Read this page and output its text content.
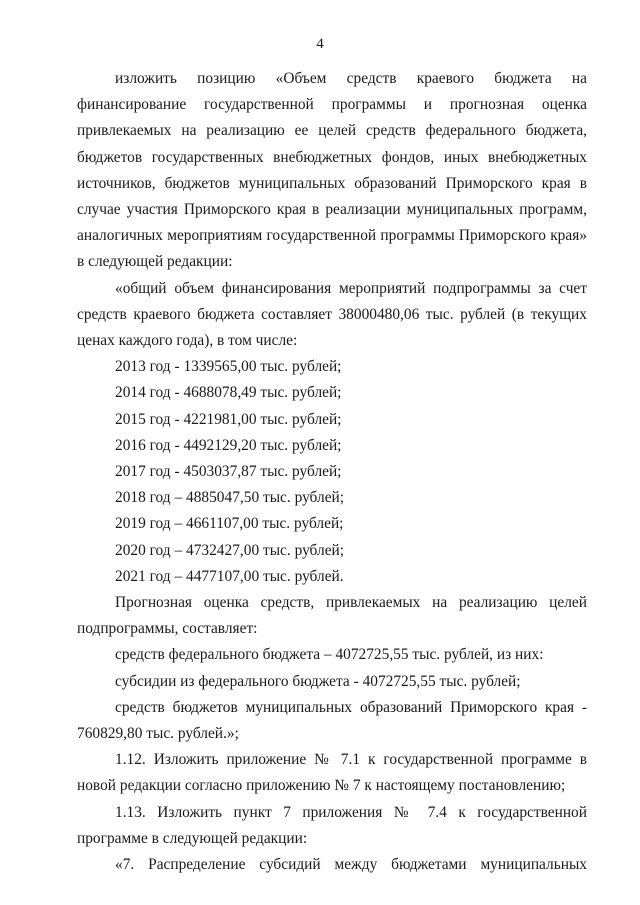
4

изложить позицию «Объем средств краевого бюджета на финансирование государственной программы и прогнозная оценка привлекаемых на реализацию ее целей средств федерального бюджета, бюджетов государственных внебюджетных фондов, иных внебюджетных источников, бюджетов муниципальных образований Приморского края в случае участия Приморского края в реализации муниципальных программ, аналогичных мероприятиям государственной программы Приморского края» в следующей редакции:

«общий объем финансирования мероприятий подпрограммы за счет средств краевого бюджета составляет 38000480,06 тыс. рублей (в текущих ценах каждого года), в том числе:

2013 год - 1339565,00 тыс. рублей;

2014 год - 4688078,49 тыс. рублей;

2015 год - 4221981,00 тыс. рублей;

2016 год - 4492129,20 тыс. рублей;

2017 год - 4503037,87 тыс. рублей;

2018 год – 4885047,50 тыс. рублей;

2019 год – 4661107,00 тыс. рублей;

2020 год – 4732427,00 тыс. рублей;

2021 год – 4477107,00 тыс. рублей.

Прогнозная оценка средств, привлекаемых на реализацию целей подпрограммы, составляет:

средств федерального бюджета – 4072725,55 тыс. рублей, из них:

субсидии из федерального бюджета - 4072725,55 тыс. рублей;

средств бюджетов муниципальных образований Приморского края - 760829,80 тыс. рублей.»;

1.12. Изложить приложение № 7.1 к государственной программе в новой редакции согласно приложению № 7 к настоящему постановлению;

1.13. Изложить пункт 7 приложения № 7.4 к государственной программе в следующей редакции:

«7. Распределение субсидий между бюджетами муниципальных
